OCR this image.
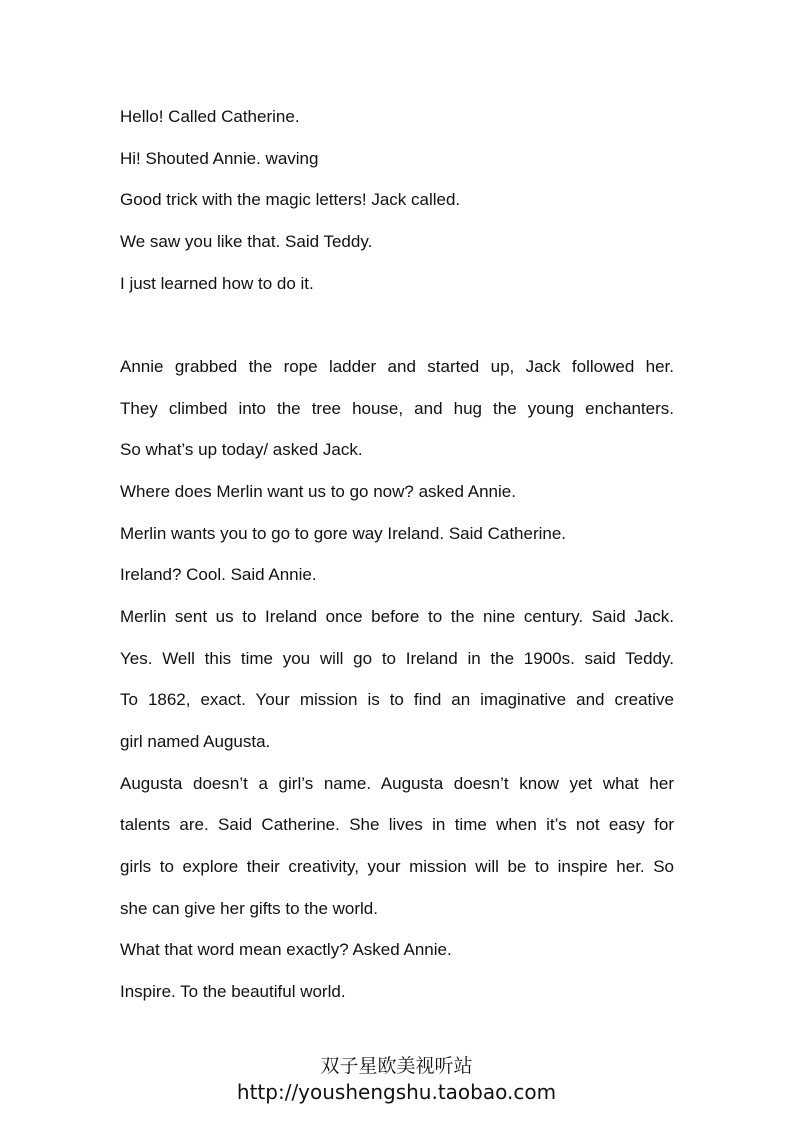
Hello! Called Catherine.
Hi! Shouted Annie. waving
Good trick with the magic letters! Jack called.
We saw you like that. Said Teddy.
I just learned how to do it.
Annie grabbed the rope ladder and started up, Jack followed her.
They climbed into the tree house, and hug the young enchanters.
So what’s up today/ asked Jack.
Where does Merlin want us to go now? asked Annie.
Merlin wants you to go to gore way Ireland. Said Catherine.
Ireland? Cool. Said Annie.
Merlin sent us to Ireland once before to the nine century. Said Jack.
Yes. Well this time you will go to Ireland in the 1900s. said Teddy.
To 1862, exact. Your mission is to find an imaginative and creative
girl named Augusta.
Augusta doesn’t a girl’s name. Augusta doesn’t know yet what her
talents are. Said Catherine. She lives in time when it’s not easy for
girls to explore their creativity, your mission will be to inspire her. So
she can give her gifts to the world.
What that word mean exactly? Asked Annie.
Inspire. To the beautiful world.
双子星欧美视听站
http://youshengshu.taobao.com
